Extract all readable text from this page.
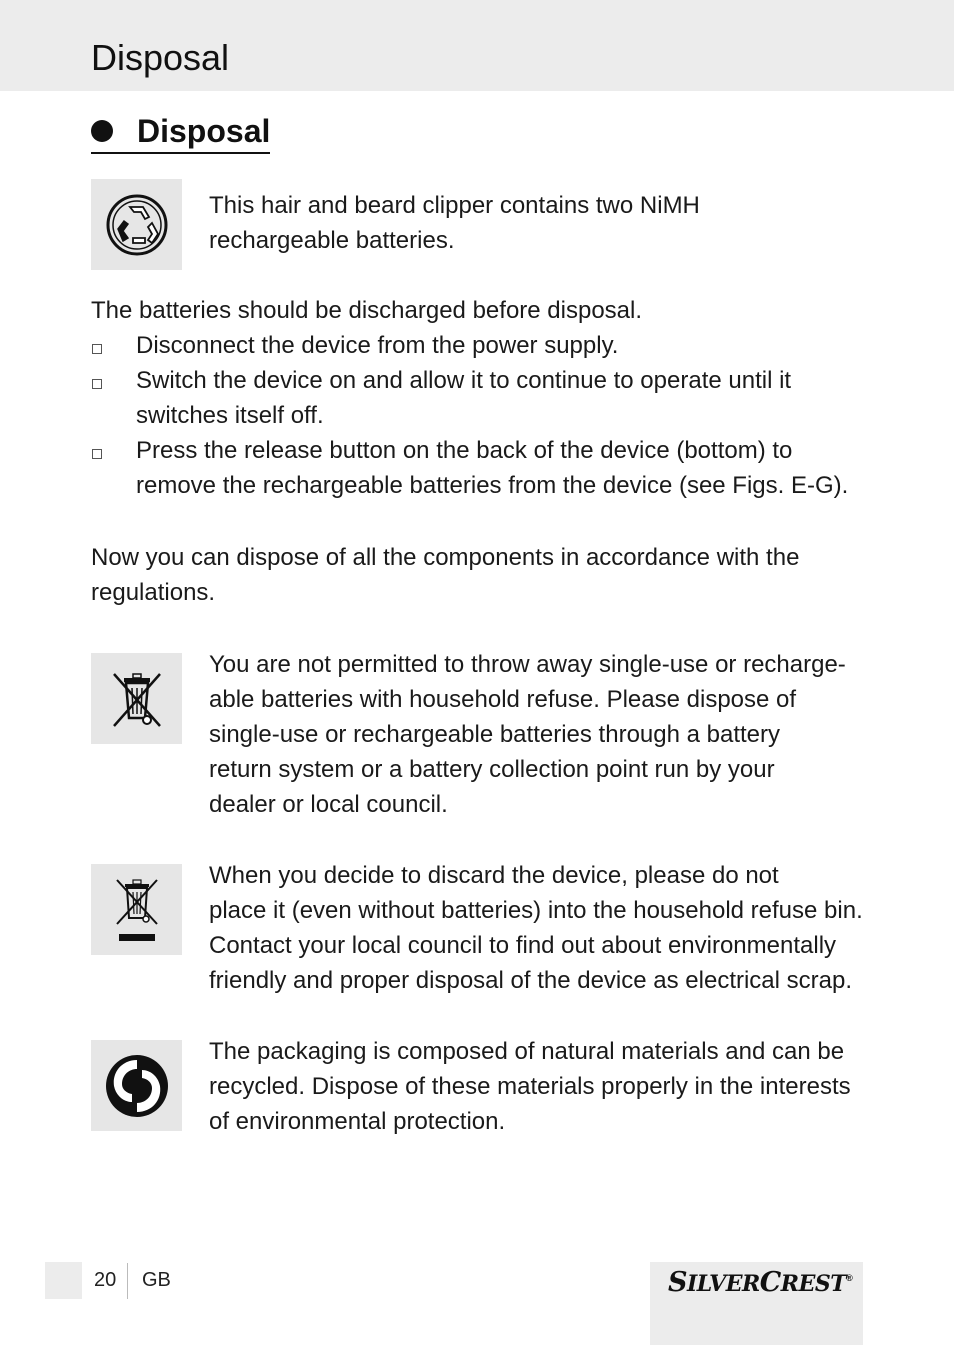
Disposal
Disposal
This hair and beard clipper contains two NiMH
rechargeable batteries.
The batteries should be discharged before disposal.
Disconnect the device from the power supply.
Switch the device on and allow it to continue to operate until it
switches itself off.
Press the release button on the back of the device (bottom) to
remove the rechargeable batteries from the device (see Figs. E-G).
Now you can dispose of all the components in accordance with the
regulations.
You are not permitted to throw away single-use or recharge-
able batteries with household refuse. Please dispose of
single-use or rechargeable batteries through a battery
return system or a battery collection point run by your
dealer or local council.
When you decide to discard the device, please do not
place it (even without batteries) into the household refuse bin.
Contact your local council to find out about environmentally
friendly and proper disposal of the device as electrical scrap.
The packaging is composed of natural materials and can be
recycled. Dispose of these materials properly in the interests
of environmental protection.
20 GB	SILVERCREST®
